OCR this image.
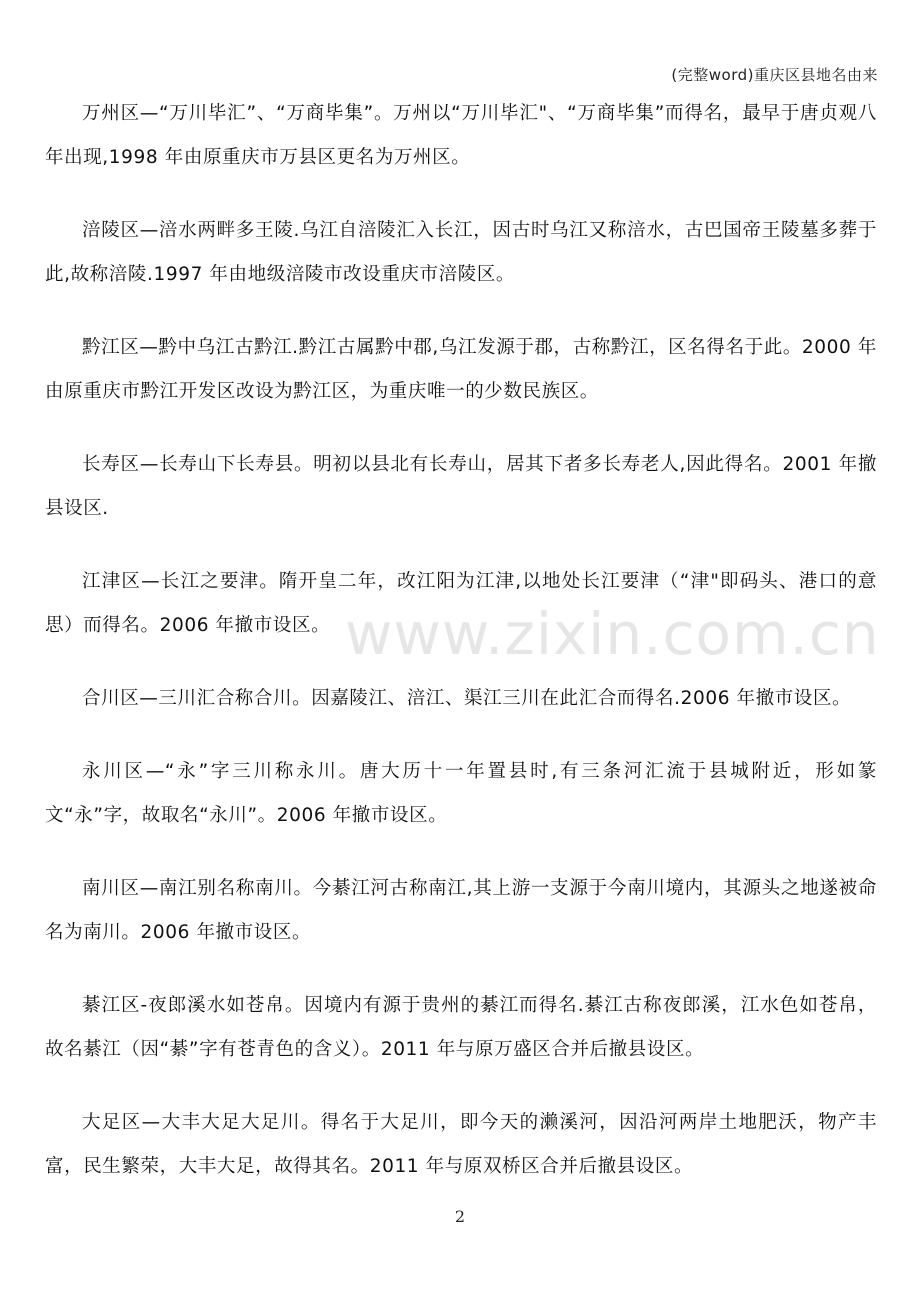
(完整word)重庆区县地名由来
www.zixin.com.cn

万州区—“万川毕汇”、“万商毕集”。万州以“万川毕汇"、“万商毕集”而得名，最早于唐贞观八年出现,1998 年由原重庆市万县区更名为万州区。

涪陵区—涪水两畔多王陵.乌江自涪陵汇入长江，因古时乌江又称涪水，古巴国帝王陵墓多葬于此,故称涪陵.1997 年由地级涪陵市改设重庆市涪陵区。

黔江区—黔中乌江古黔江.黔江古属黔中郡,乌江发源于郡，古称黔江，区名得名于此。2000 年由原重庆市黔江开发区改设为黔江区，为重庆唯一的少数民族区。

长寿区—长寿山下长寿县。明初以县北有长寿山，居其下者多长寿老人,因此得名。2001 年撤县设区.

江津区—长江之要津。隋开皇二年，改江阳为江津,以地处长江要津（“津"即码头、港口的意思）而得名。2006 年撤市设区。

合川区—三川汇合称合川。因嘉陵江、涪江、渠江三川在此汇合而得名.2006 年撤市设区。

永川区—“永”字三川称永川。唐大历十一年置县时,有三条河汇流于县城附近，形如篆文“永”字，故取名“永川”。2006 年撤市设区。

南川区—南江别名称南川。今綦江河古称南江,其上游一支源于今南川境内，其源头之地遂被命名为南川。2006 年撤市设区。

綦江区-夜郎溪水如苍帛。因境内有源于贵州的綦江而得名.綦江古称夜郎溪，江水色如苍帛，故名綦江（因“綦”字有苍青色的含义）。2011 年与原万盛区合并后撤县设区。

大足区—大丰大足大足川。得名于大足川，即今天的濑溪河，因沿河两岸土地肥沃，物产丰富，民生繁荣，大丰大足，故得其名。2011 年与原双桥区合并后撤县设区。

2
